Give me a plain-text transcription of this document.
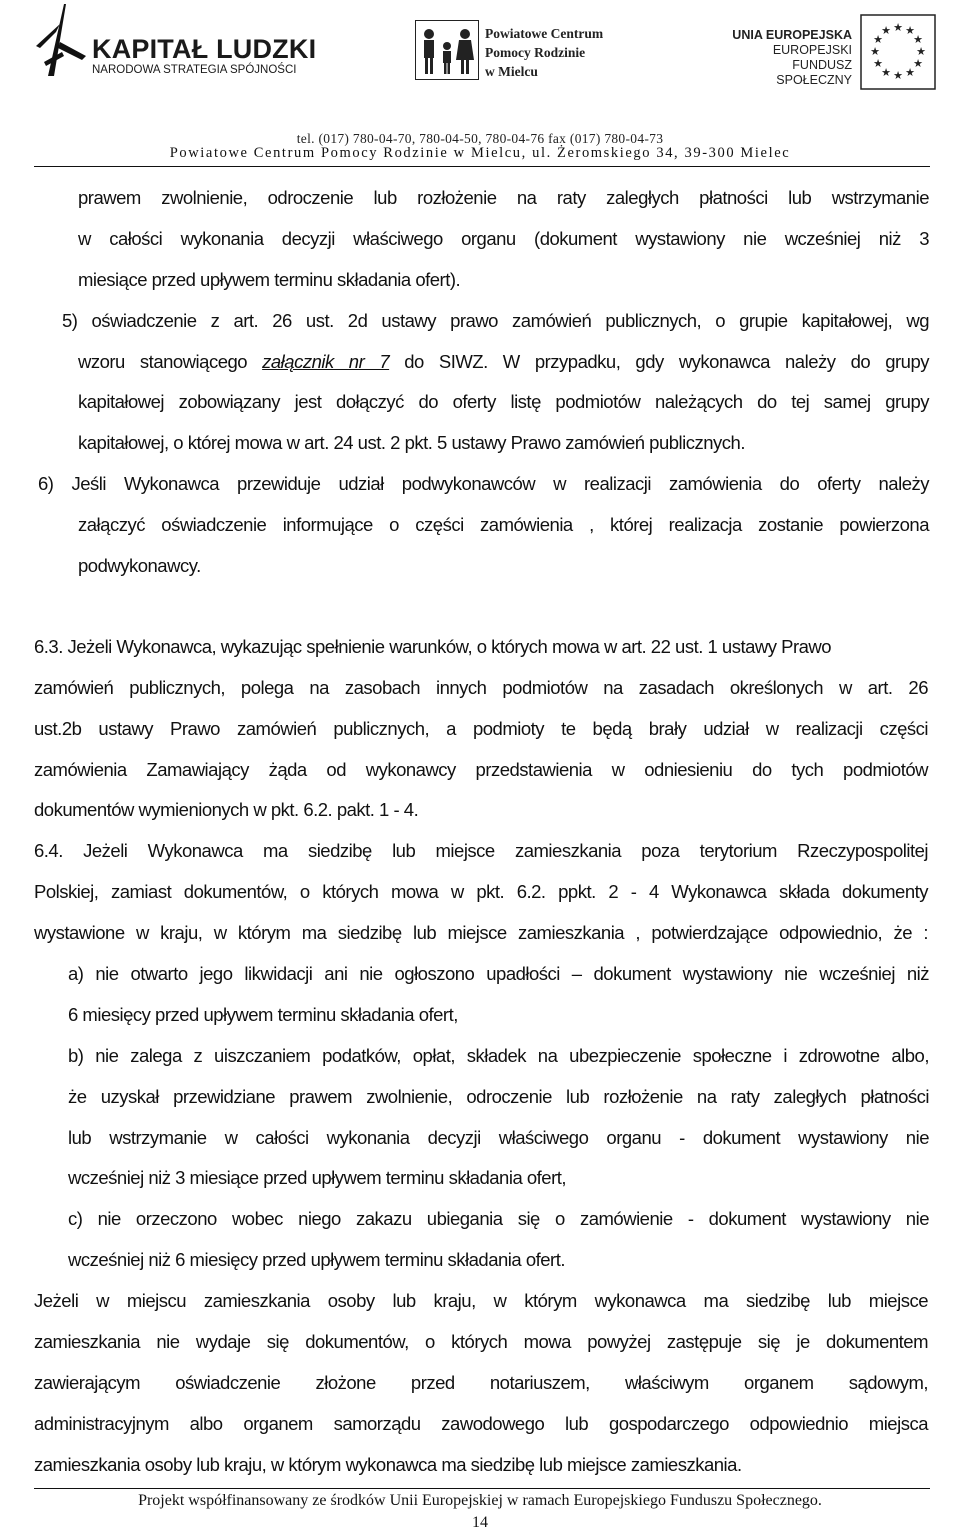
KAPITAŁ LUDZKI
NARODOWA STRATEGIA SPÓJNOŚCI
Powiatowe Centrum
Pomocy Rodzinie
w Mielcu
UNIA EUROPEJSKA
EUROPEJSKI
FUNDUSZ SPOŁECZNY
★ ★
★
★
★
★
★
★
★
★
★
★
tel. (017) 780-04-70, 780-04-50, 780-04-76 fax (017) 780-04-73
Powiatowe Centrum Pomocy Rodzinie w Mielcu, ul. Żeromskiego 34, 39-300 Mielec
prawem zwolnienie, odroczenie lub rozłożenie na raty zaległych płatności lub wstrzymanie
w całości wykonania decyzji właściwego organu (dokument wystawiony nie wcześniej niż 3
miesiące przed upływem terminu składania ofert).
5) oświadczenie z art. 26 ust. 2d ustawy prawo zamówień publicznych, o grupie kapitałowej, wg
wzoru stanowiącego załącznik nr 7 do SIWZ. W przypadku, gdy wykonawca należy do grupy
kapitałowej zobowiązany jest dołączyć do oferty listę podmiotów należących do tej samej grupy
kapitałowej, o której mowa w art. 24 ust. 2 pkt. 5 ustawy Prawo zamówień publicznych.
6) Jeśli Wykonawca przewiduje udział podwykonawców w realizacji zamówienia do oferty należy
załączyć oświadczenie informujące o części zamówienia , której realizacja zostanie powierzona
podwykonawcy.
6.3. Jeżeli Wykonawca, wykazując spełnienie warunków, o których mowa w art. 22 ust. 1 ustawy Prawo
zamówień publicznych, polega na zasobach innych podmiotów na zasadach określonych w art. 26
ust.2b ustawy Prawo zamówień publicznych, a podmioty te będą brały udział w realizacji części
zamówienia Zamawiający żąda od wykonawcy przedstawienia w odniesieniu do tych podmiotów
dokumentów wymienionych w pkt. 6.2. pakt. 1 - 4.
6.4. Jeżeli Wykonawca ma siedzibę lub miejsce zamieszkania poza terytorium Rzeczypospolitej
Polskiej, zamiast dokumentów, o których mowa w pkt. 6.2. ppkt. 2 - 4 Wykonawca składa dokumenty
wystawione w kraju, w którym ma siedzibę lub miejsce zamieszkania , potwierdzające odpowiednio, że :
a) nie otwarto jego likwidacji ani nie ogłoszono upadłości – dokument wystawiony nie wcześniej niż
6 miesięcy przed upływem terminu składania ofert,
b) nie zalega z uiszczaniem podatków, opłat, składek na ubezpieczenie społeczne i zdrowotne albo,
że uzyskał przewidziane prawem zwolnienie, odroczenie lub rozłożenie na raty zaległych płatności
lub wstrzymanie w całości wykonania decyzji właściwego organu - dokument wystawiony nie
wcześniej niż 3 miesiące przed upływem terminu składania ofert,
c) nie orzeczono wobec niego zakazu ubiegania się o zamówienie - dokument wystawiony nie
wcześniej niż 6 miesięcy przed upływem terminu składania ofert.
Jeżeli w miejscu zamieszkania osoby lub kraju, w którym wykonawca ma siedzibę lub miejsce
zamieszkania nie wydaje się dokumentów, o których mowa powyżej zastępuje się je dokumentem
zawierającym oświadczenie złożone przed notariuszem, właściwym organem sądowym,
administracyjnym albo organem samorządu zawodowego lub gospodarczego odpowiednio miejsca
zamieszkania osoby lub kraju, w którym wykonawca ma siedzibę lub miejsce zamieszkania.
Projekt współfinansowany ze środków Unii Europejskiej w ramach Europejskiego Funduszu Społecznego.
14
